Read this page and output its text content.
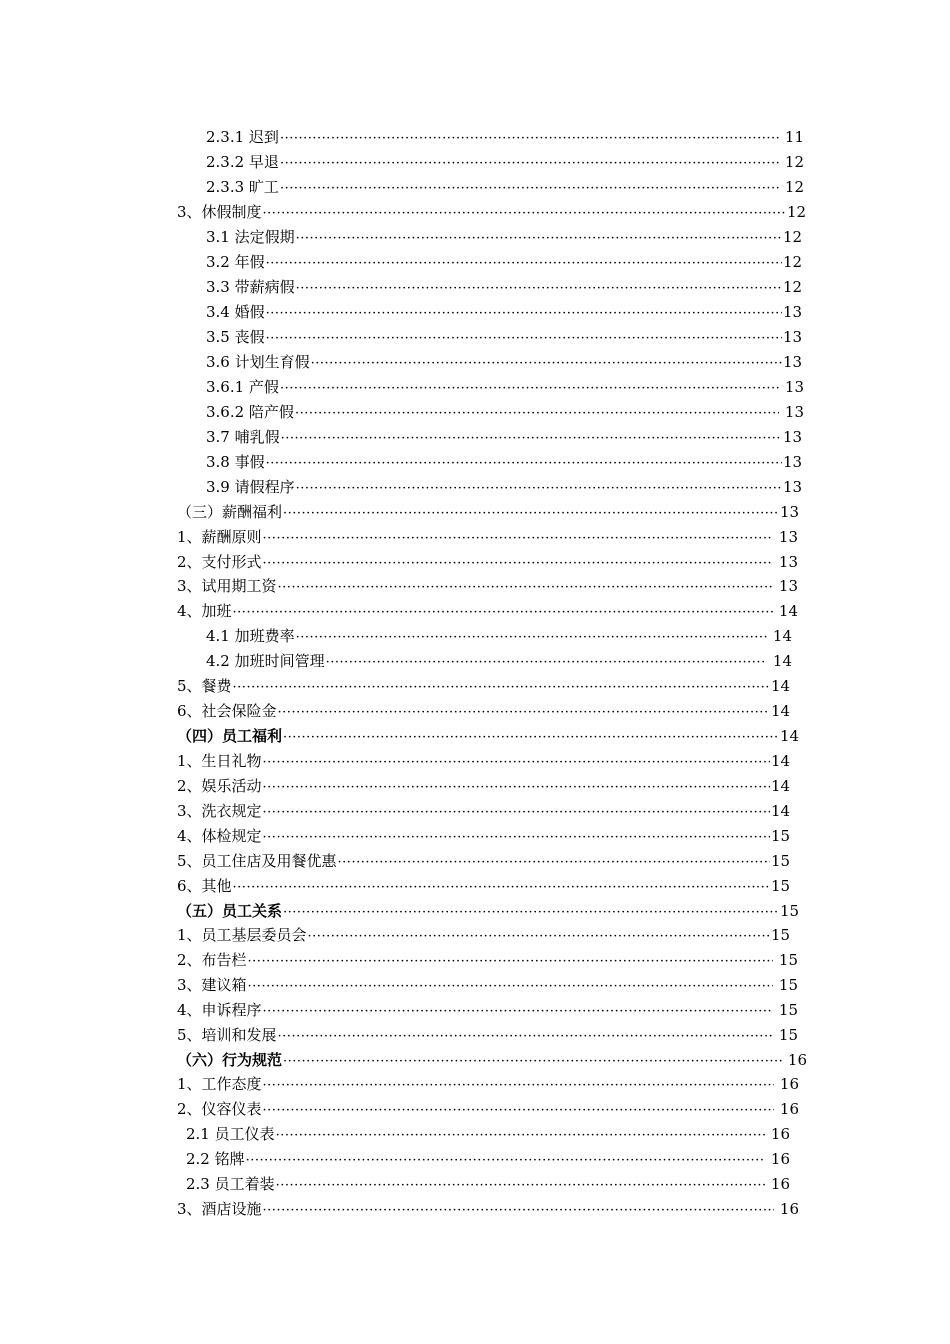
2.3.1 迟到 ·····	11
2.3.2 早退 ·····	12
2.3.3 旷工 ·····	12
3、休假制度 ·····	12
3.1 法定假期 ·····	12
3.2 年假 ·····	12
3.3 带薪病假 ·····	12
3.4 婚假 ·····	13
3.5 丧假 ·····	13
3.6 计划生育假 ·····	13
3.6.1 产假 ·····	13
3.6.2 陪产假 ·····	13
3.7 哺乳假 ·····	13
3.8 事假 ·····	13
3.9 请假程序 ·····	13
（三）薪酬福利 ·····	13
1、薪酬原则 ·····	13
2、支付形式 ·····	13
3、试用期工资 ·····	13
4、加班 ·····	14
4.1 加班费率 ·····	14
4.2 加班时间管理 ·····	14
5、餐费 ·····	14
6、社会保险金 ·····	14
（四）员工福利 ·····	14
1、生日礼物 ·····	14
2、娱乐活动 ·····	14
3、洗衣规定 ·····	14
4、体检规定 ·····	15
5、员工住店及用餐优惠 ·····	15
6、其他 ·····	15
（五）员工关系 ·····	15
1、员工基层委员会 ·····	15
2、布告栏 ·····	15
3、建议箱 ·····	15
4、申诉程序 ·····	15
5、培训和发展 ·····	15
（六）行为规范 ·····	16
1、工作态度 ·····	16
2、仪容仪表 ·····	16
2.1 员工仪表 ·····	16
2.2 铭牌 ·····	16
2.3 员工着装 ·····	16
3、酒店设施 ·····	16
